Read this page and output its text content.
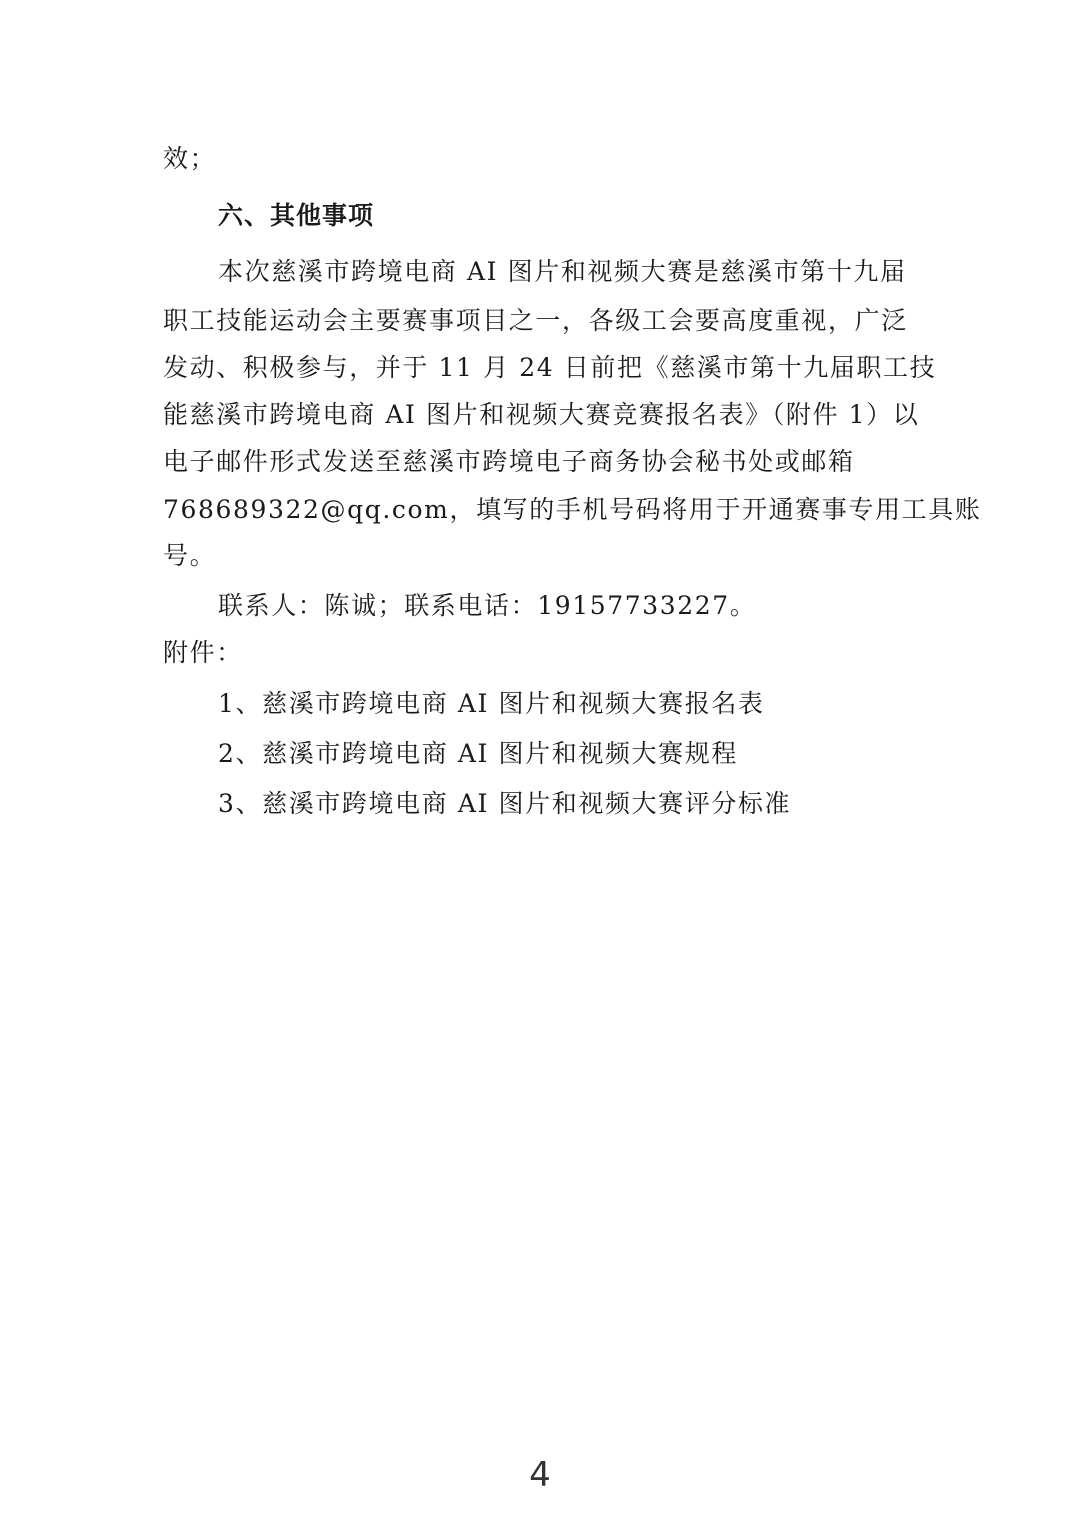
效；
六、其他事项
本次慈溪市跨境电商 AI 图片和视频大赛是慈溪市第十九届
职工技能运动会主要赛事项目之一，各级工会要高度重视，广泛
发动、积极参与，并于 11 月 24 日前把《慈溪市第十九届职工技
能慈溪市跨境电商 AI 图片和视频大赛竞赛报名表》（附件 1）以
电子邮件形式发送至慈溪市跨境电子商务协会秘书处或邮箱
768689322@qq.com，填写的手机号码将用于开通赛事专用工具账
号。
联系人：陈诚；联系电话：19157733227。
附件：
1、慈溪市跨境电商 AI 图片和视频大赛报名表
2、慈溪市跨境电商 AI 图片和视频大赛规程
3、慈溪市跨境电商 AI 图片和视频大赛评分标准
4
